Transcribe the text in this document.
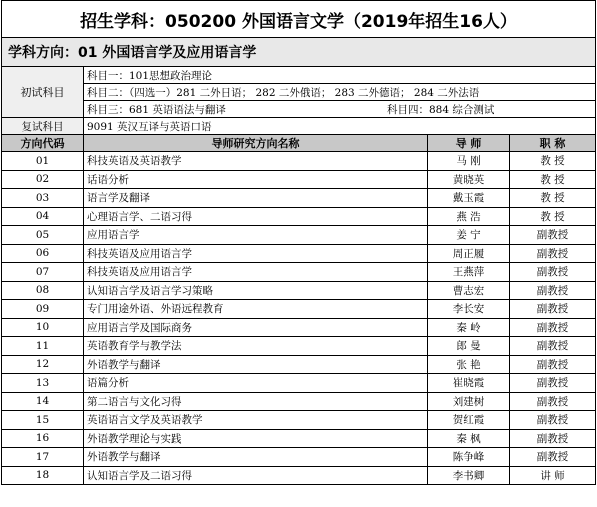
招生学科：050200 外国语言文学（2019年招生16人）			
学科方向：01 外国语言学及应用语言学			
初试科目	科目一：101思想政治理论		
	科目二：（四选一）281 二外日语； 282 二外俄语； 283 二外德语； 284 二外法语		

	科目三：681 英语语法与翻译 科目四：884 综合测试		

复试科目	9091 英汉互译与英语口语		
方向代码	导师研究方向名称	导 师	职 称
01	科技英语及英语教学	马 刚	教 授
02	话语分析	黄晓英	教 授
03	语言学及翻译	戴玉霞	教 授
04	心理语言学、二语习得	燕 浩	教 授
05	应用语言学	姜 宁	副教授
06	科技英语及应用语言学	周正履	副教授
07	科技英语及应用语言学	王燕萍	副教授
08	认知语言学及语言学习策略	曹志宏	副教授
09	专门用途外语、外语远程教育	李长安	副教授
10	应用语言学及国际商务	秦 岭	副教授
11	英语教育学与教学法	郎 曼	副教授
12	外语教学与翻译	张 艳	副教授
13	语篇分析	崔晓霞	副教授
14	第二语言与文化习得	刘建树	副教授
15	英语语言文学及英语教学	贺红霞	副教授
16	外语教学理论与实践	秦 枫	副教授
17	外语教学与翻译	陈争峰	副教授
18	认知语言学及二语习得	李书卿	讲 师
